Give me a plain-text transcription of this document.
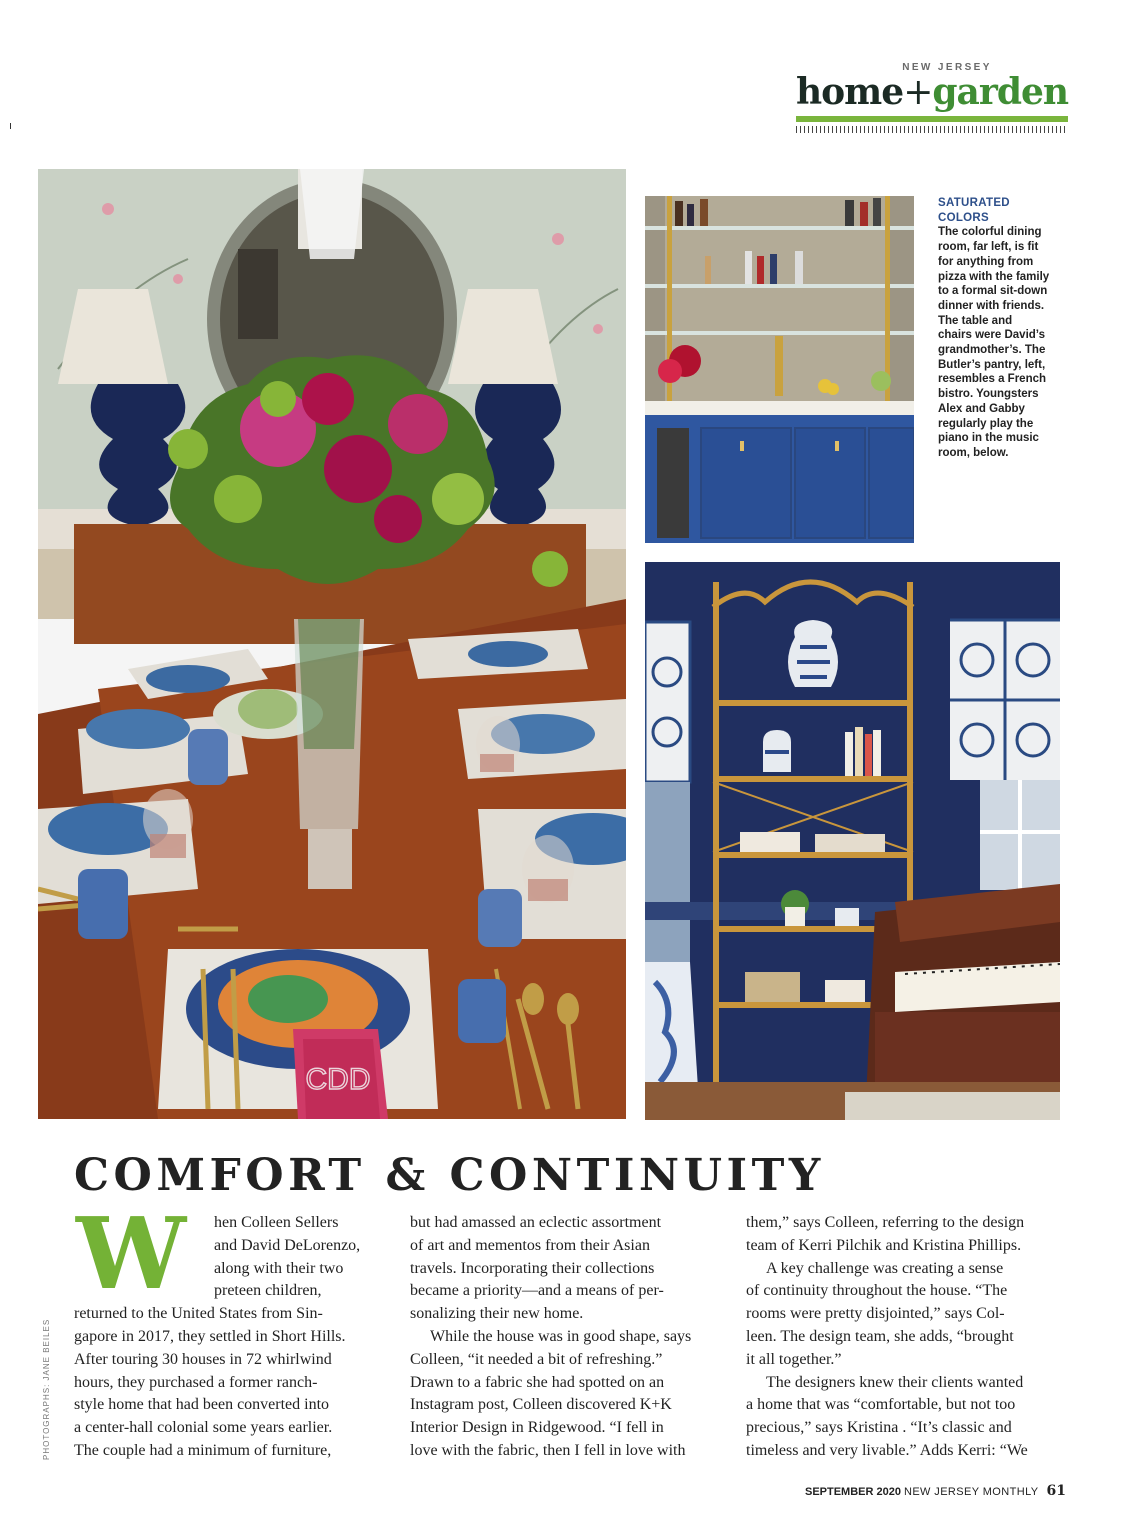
NEW JERSEY
home+garden
CDD
SATURATED
COLORS
The colorful dining
room, far left, is fit
for anything from
pizza with the family
to a formal sit-down
dinner with friends.
The table and
chairs were David’s
grandmother’s. The
Butler’s pantry, left,
resembles a French
bistro. Youngsters
Alex and Gabby
regularly play the
piano in the music
room, below.
COMFORT & CONTINUITY
W	hen Colleen Sellers
and David DeLorenzo,
along with their two
preteen children,
returned to the United States from Sin-
gapore in 2017, they settled in Short Hills.
After touring 30 houses in 72 whirlwind
hours, they purchased a former ranch-
style home that had been converted into
a center-hall colonial some years earlier.
The couple had a minimum of furniture,
but had amassed an eclectic assortment
of art and mementos from their Asian
travels. Incorporating their collections
became a priority—and a means of per-
sonalizing their new home.
While the house was in good shape, says
Colleen, “it needed a bit of refreshing.”
Drawn to a fabric she had spotted on an
Instagram post, Colleen discovered K+K
Interior Design in Ridgewood. “I fell in
love with the fabric, then I fell in love with
them,” says Colleen, referring to the design
team of Kerri Pilchik and Kristina Phillips.
A key challenge was creating a sense
of continuity throughout the house. “The
rooms were pretty disjointed,” says Col-
leen. The design team, she adds, “brought
it all together.”
The designers knew their clients wanted
a home that was “comfortable, but not too
precious,” says Kristina . “It’s classic and
timeless and very livable.” Adds Kerri: “We
PHOTOGRAPHS: JANE BEILES
SEPTEMBER 2020 NEW JERSEY MONTHLY 61
